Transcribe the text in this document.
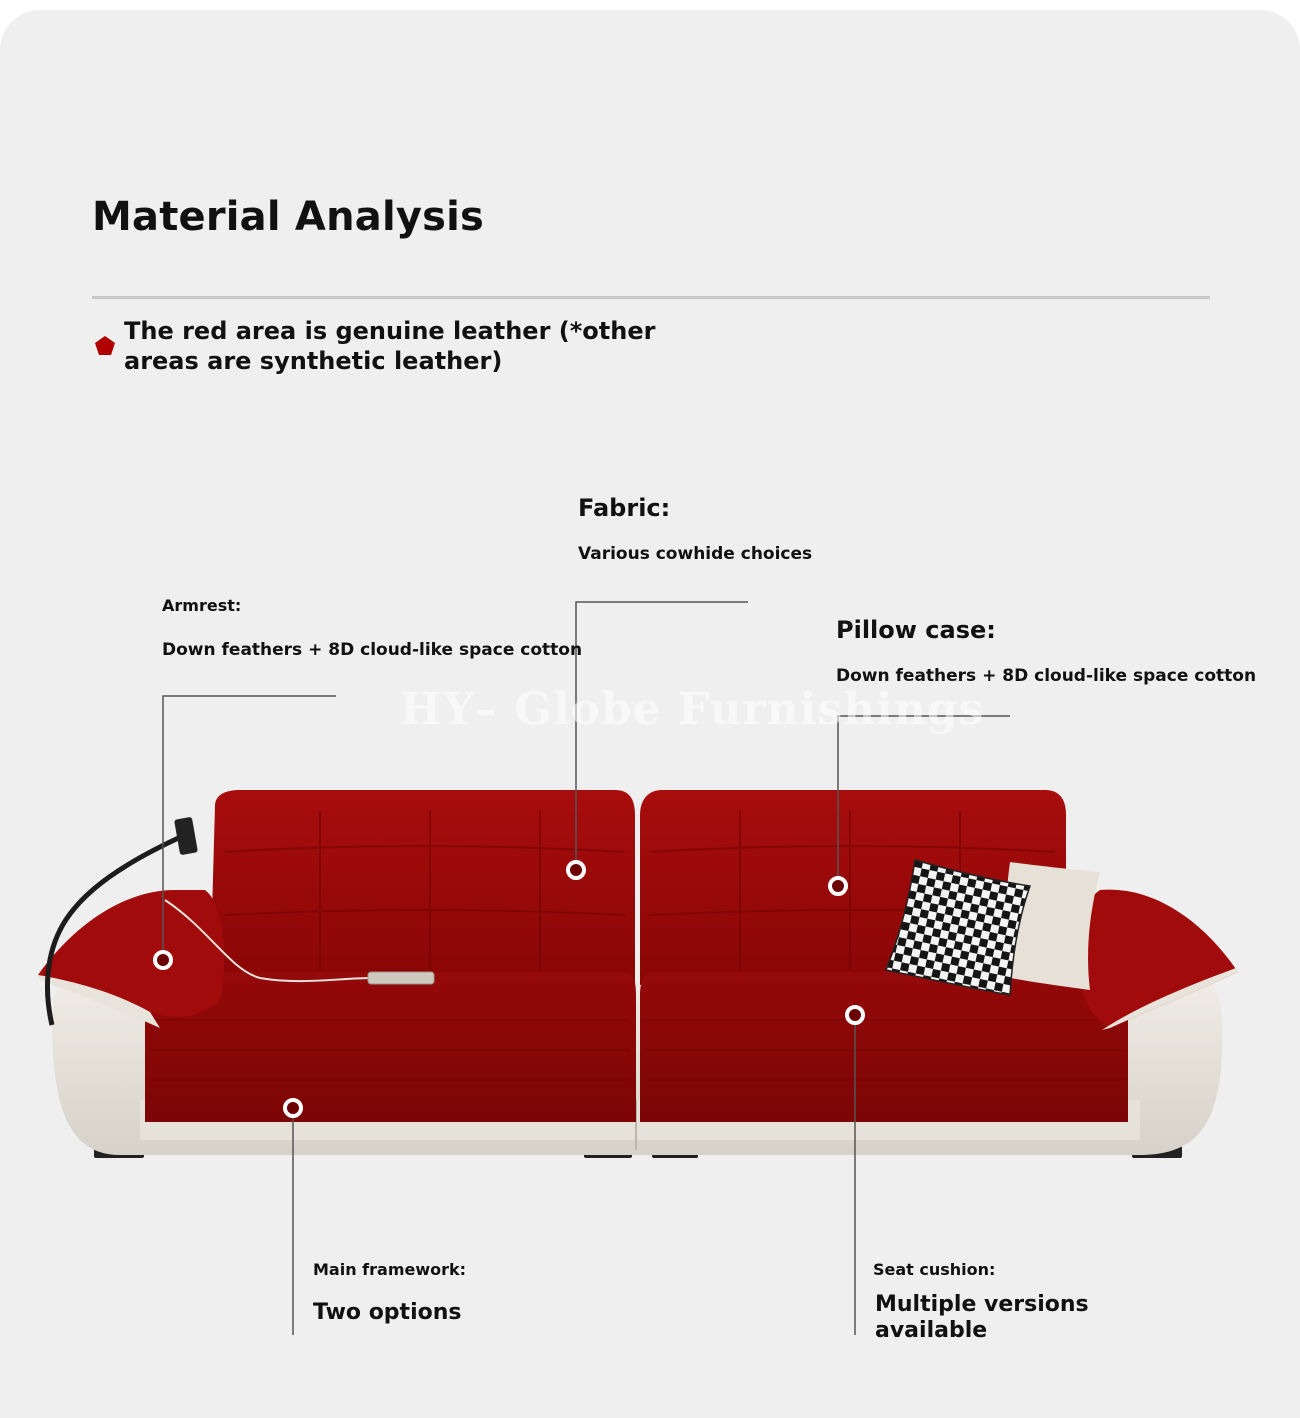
Material Analysis
The red area is genuine leather (*other areas are synthetic leather)
HY– Globe Furnishings
Fabric:
Various cowhide choices
Armrest:
Down feathers + 8D cloud-like space cotton
Pillow case:
Down feathers + 8D cloud-like space cotton
Main framework:
Two options
Seat cushion:
Multiple versions available
